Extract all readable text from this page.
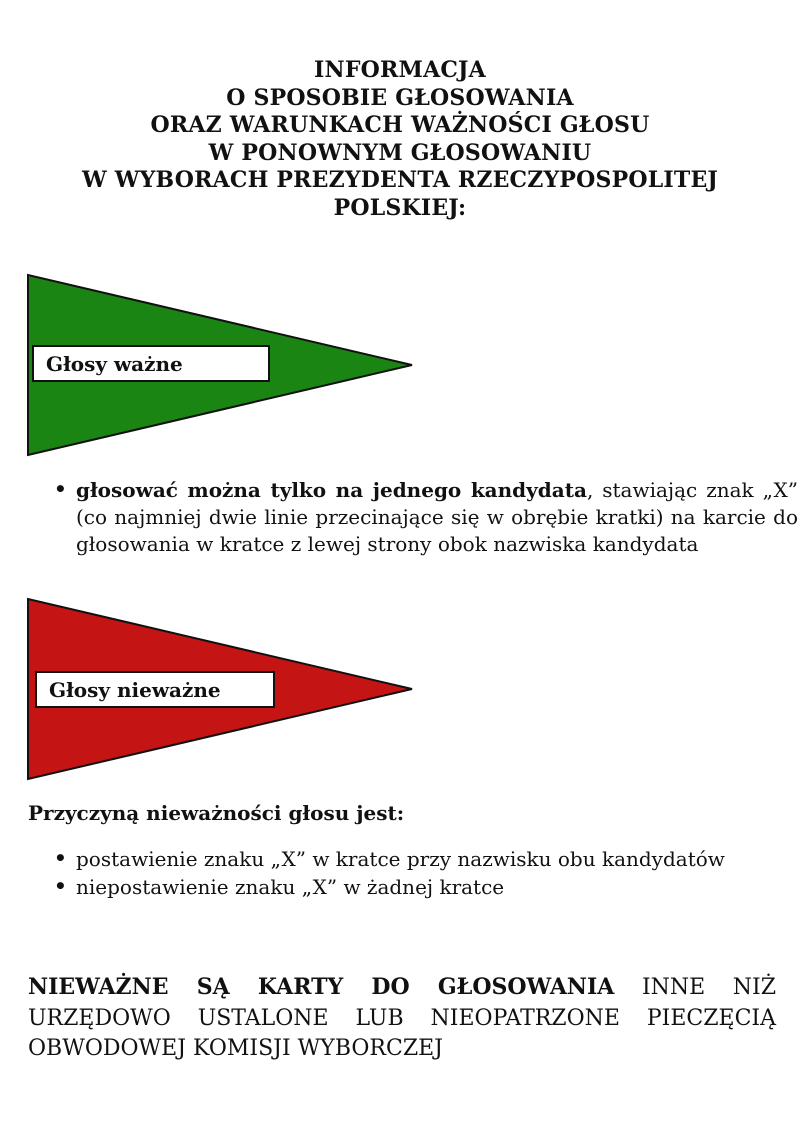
INFORMACJA
O SPOSOBIE GŁOSOWANIA
ORAZ WARUNKACH WAŻNOŚCI GŁOSU
W PONOWNYM GŁOSOWANIU
W WYBORACH PREZYDENTA RZECZYPOSPOLITEJ
POLSKIEJ:
Głosy ważne
• głosować można tylko na jednego kandydata, stawiając znak „X” (co najmniej dwie linie przecinające się w obrębie kratki) na karcie do głosowania w kratce z lewej strony obok nazwiska kandydata
Głosy nieważne
Przyczyną nieważności głosu jest:
• postawienie znaku „X” w kratce przy nazwisku obu kandydatów
• niepostawienie znaku „X” w żadnej kratce
NIEWAŻNE SĄ KARTY DO GŁOSOWANIA INNE NIŻ
URZĘDOWO USTALONE LUB NIEOPATRZONE PIECZĘCIĄ
OBWODOWEJ KOMISJI WYBORCZEJ
